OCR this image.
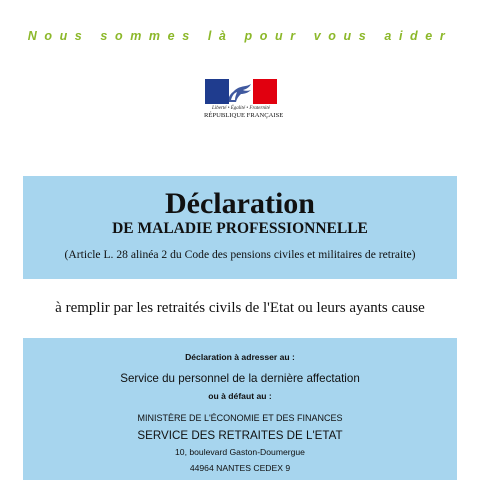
Nous sommes là pour vous aider
Liberté • Égalité • Fraternité
RÉPUBLIQUE FRANÇAISE
Déclaration
DE MALADIE PROFESSIONNELLE
(Article L. 28 alinéa 2 du Code des pensions civiles et militaires de retraite)
à remplir par les retraités civils de l'Etat ou leurs ayants cause
Déclaration à adresser au :
Service du personnel de la dernière affectation
ou à défaut au :
MINISTÈRE DE L'ÉCONOMIE ET DES FINANCES
SERVICE DES RETRAITES DE L'ETAT
10, boulevard Gaston-Doumergue
44964 NANTES CEDEX 9
